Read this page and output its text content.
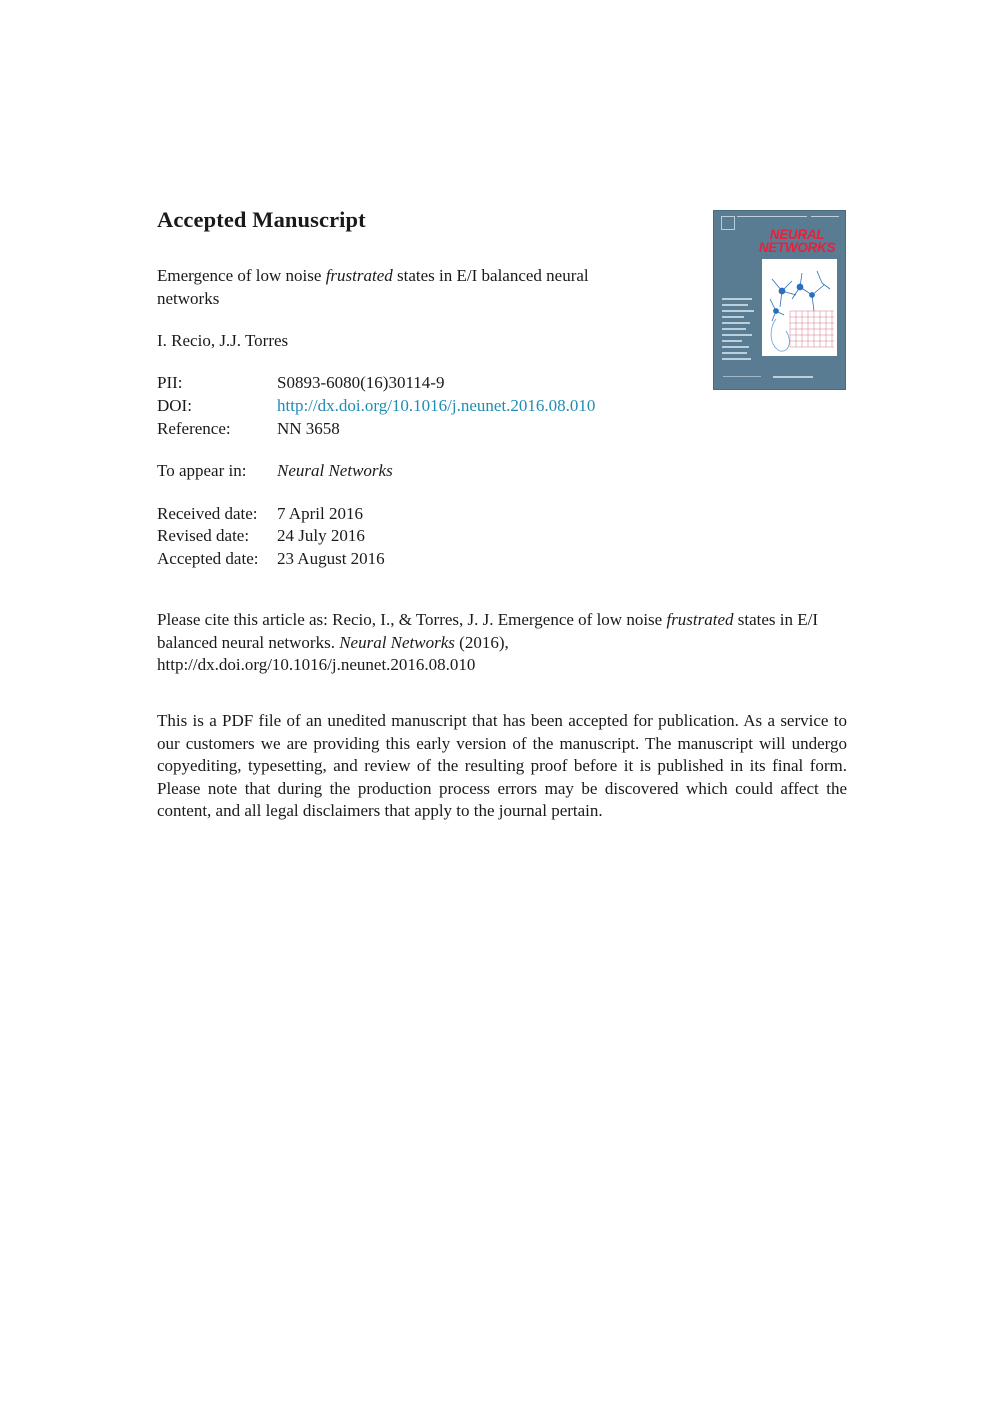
Accepted Manuscript
Emergence of low noise frustrated states in E/I balanced neural networks
I. Recio, J.J. Torres
PII:	S0893-6080(16)30114-9
DOI:	http://dx.doi.org/10.1016/j.neunet.2016.08.010
Reference:	NN 3658
To appear in: Neural Networks
Received date: 7 April 2016
Revised date: 24 July 2016
Accepted date: 23 August 2016
Please cite this article as: Recio, I., & Torres, J. J. Emergence of low noise frustrated states in E/I balanced neural networks. Neural Networks (2016),
http://dx.doi.org/10.1016/j.neunet.2016.08.010
This is a PDF file of an unedited manuscript that has been accepted for publication. As a service to our customers we are providing this early version of the manuscript. The manuscript will undergo copyediting, typesetting, and review of the resulting proof before it is published in its final form. Please note that during the production process errors may be discovered which could affect the content, and all legal disclaimers that apply to the journal pertain.
NEURAL
NETWORKS
